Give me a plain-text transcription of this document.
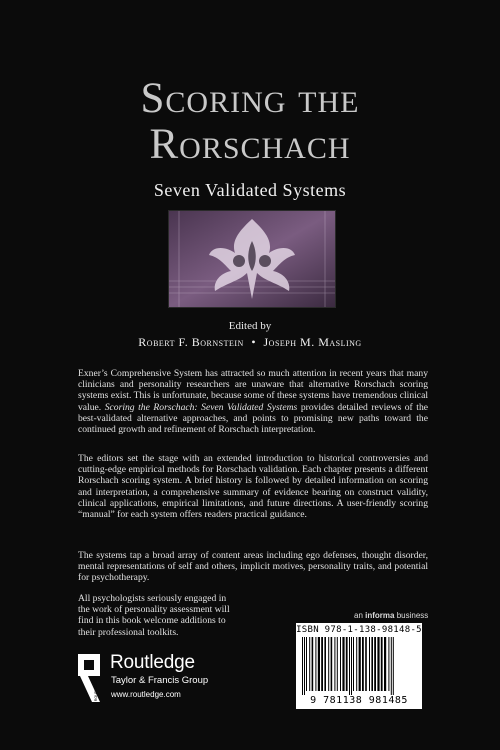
Scoring the
Rorschach
Seven Validated Systems
Edited by
Robert F. Bornstein • Joseph M. Masling

Exner’s Comprehensive System has attracted so much attention in recent years that many clinicians and personality researchers are unaware that alternative Rorschach scoring systems exist. This is unfortunate, because some of these systems have tremendous clinical value. Scoring the Rorschach: Seven Validated Systems provides detailed reviews of the best-validated alternative approaches, and points to promising new paths toward the continued growth and refinement of Rorschach interpretation.

The editors set the stage with an extended introduction to historical controversies and cutting-edge empirical methods for Rorschach validation. Each chapter presents a different Rorschach scoring system. A brief history is followed by detailed information on scoring and interpretation, a comprehensive summary of evidence bearing on construct validity, clinical applications, empirical limitations, and future directions. A user-friendly scoring “manual” for each system offers readers practical guidance.

The systems tap a broad array of content areas including ego defenses, thought disorder, mental representations of self and others, implicit motives, personality traits, and potential for psychotherapy.

All psychologists seriously engaged in the work of personality assessment will find in this book welcome additions to their professional toolkits.

an informa business
ISBN 978-1-138-98148-5
9 781138 981485
ROUTLEDGE
Routledge
Taylor & Francis Group
www.routledge.com
